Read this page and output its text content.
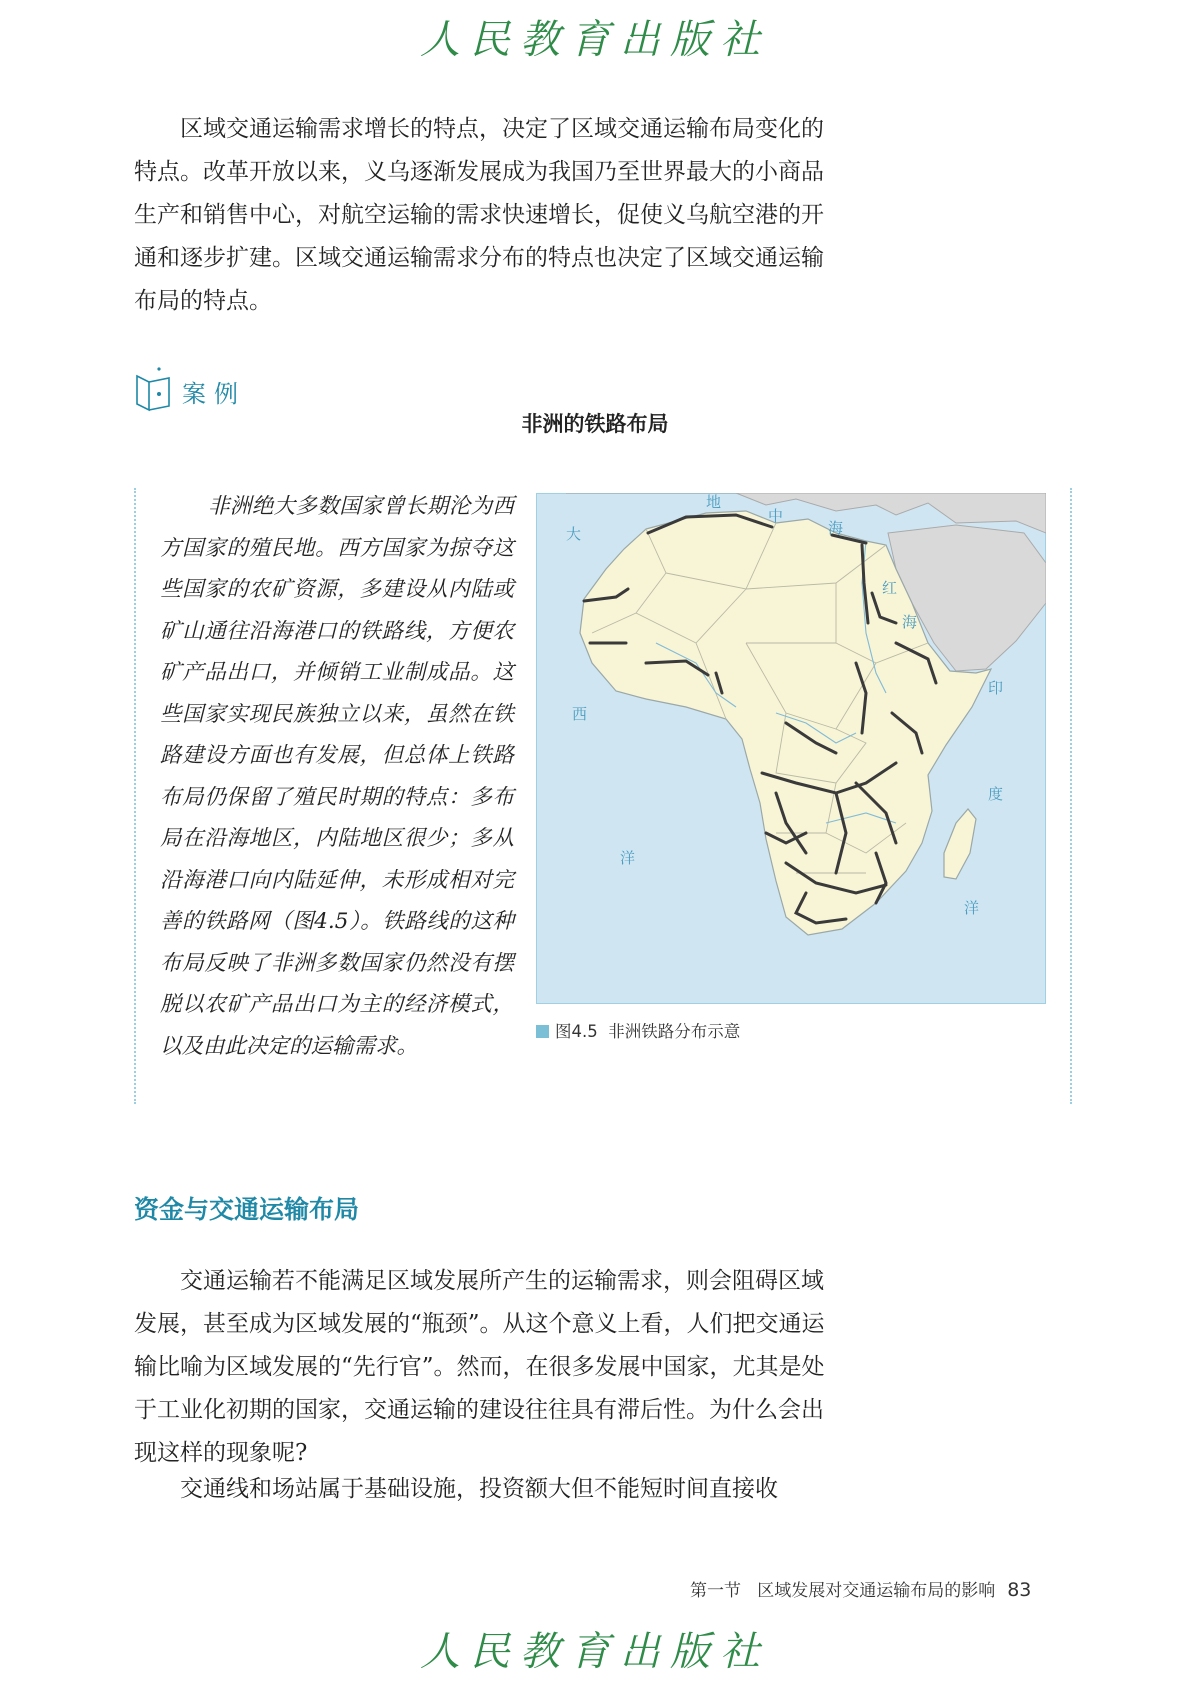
人民教育出版社

区域交通运输需求增长的特点，决定了区域交通运输布局变化的特点。改革开放以来，义乌逐渐发展成为我国乃至世界最大的小商品生产和销售中心，对航空运输的需求快速增长，促使义乌航空港的开通和逐步扩建。区域交通运输需求分布的特点也决定了区域交通运输布局的特点。

案例
非洲的铁路布局

非洲绝大多数国家曾长期沦为西方国家的殖民地。西方国家为掠夺这些国家的农矿资源，多建设从内陆或矿山通往沿海港口的铁路线，方便农矿产品出口，并倾销工业制成品。这些国家实现民族独立以来，虽然在铁路建设方面也有发展，但总体上铁路布局仍保留了殖民时期的特点：多布局在沿海地区，内陆地区很少；多从沿海港口向内陆延伸，未形成相对完善的铁路网（图4.5）。铁路线的这种布局反映了非洲多数国家仍然没有摆脱以农矿产品出口为主的经济模式，以及由此决定的运输需求。

大
西
洋
地
中
海
红
海
印
度
洋
图4.5 非洲铁路分布示意
资金与交通运输布局

交通运输若不能满足区域发展所产生的运输需求，则会阻碍区域发展，甚至成为区域发展的“瓶颈”。从这个意义上看，人们把交通运输比喻为区域发展的“先行官”。然而，在很多发展中国家，尤其是处于工业化初期的国家，交通运输的建设往往具有滞后性。为什么会出现这样的现象呢?

交通线和场站属于基础设施，投资额大但不能短时间直接收

第一节 区域发展对交通运输布局的影响 83
人民教育出版社
